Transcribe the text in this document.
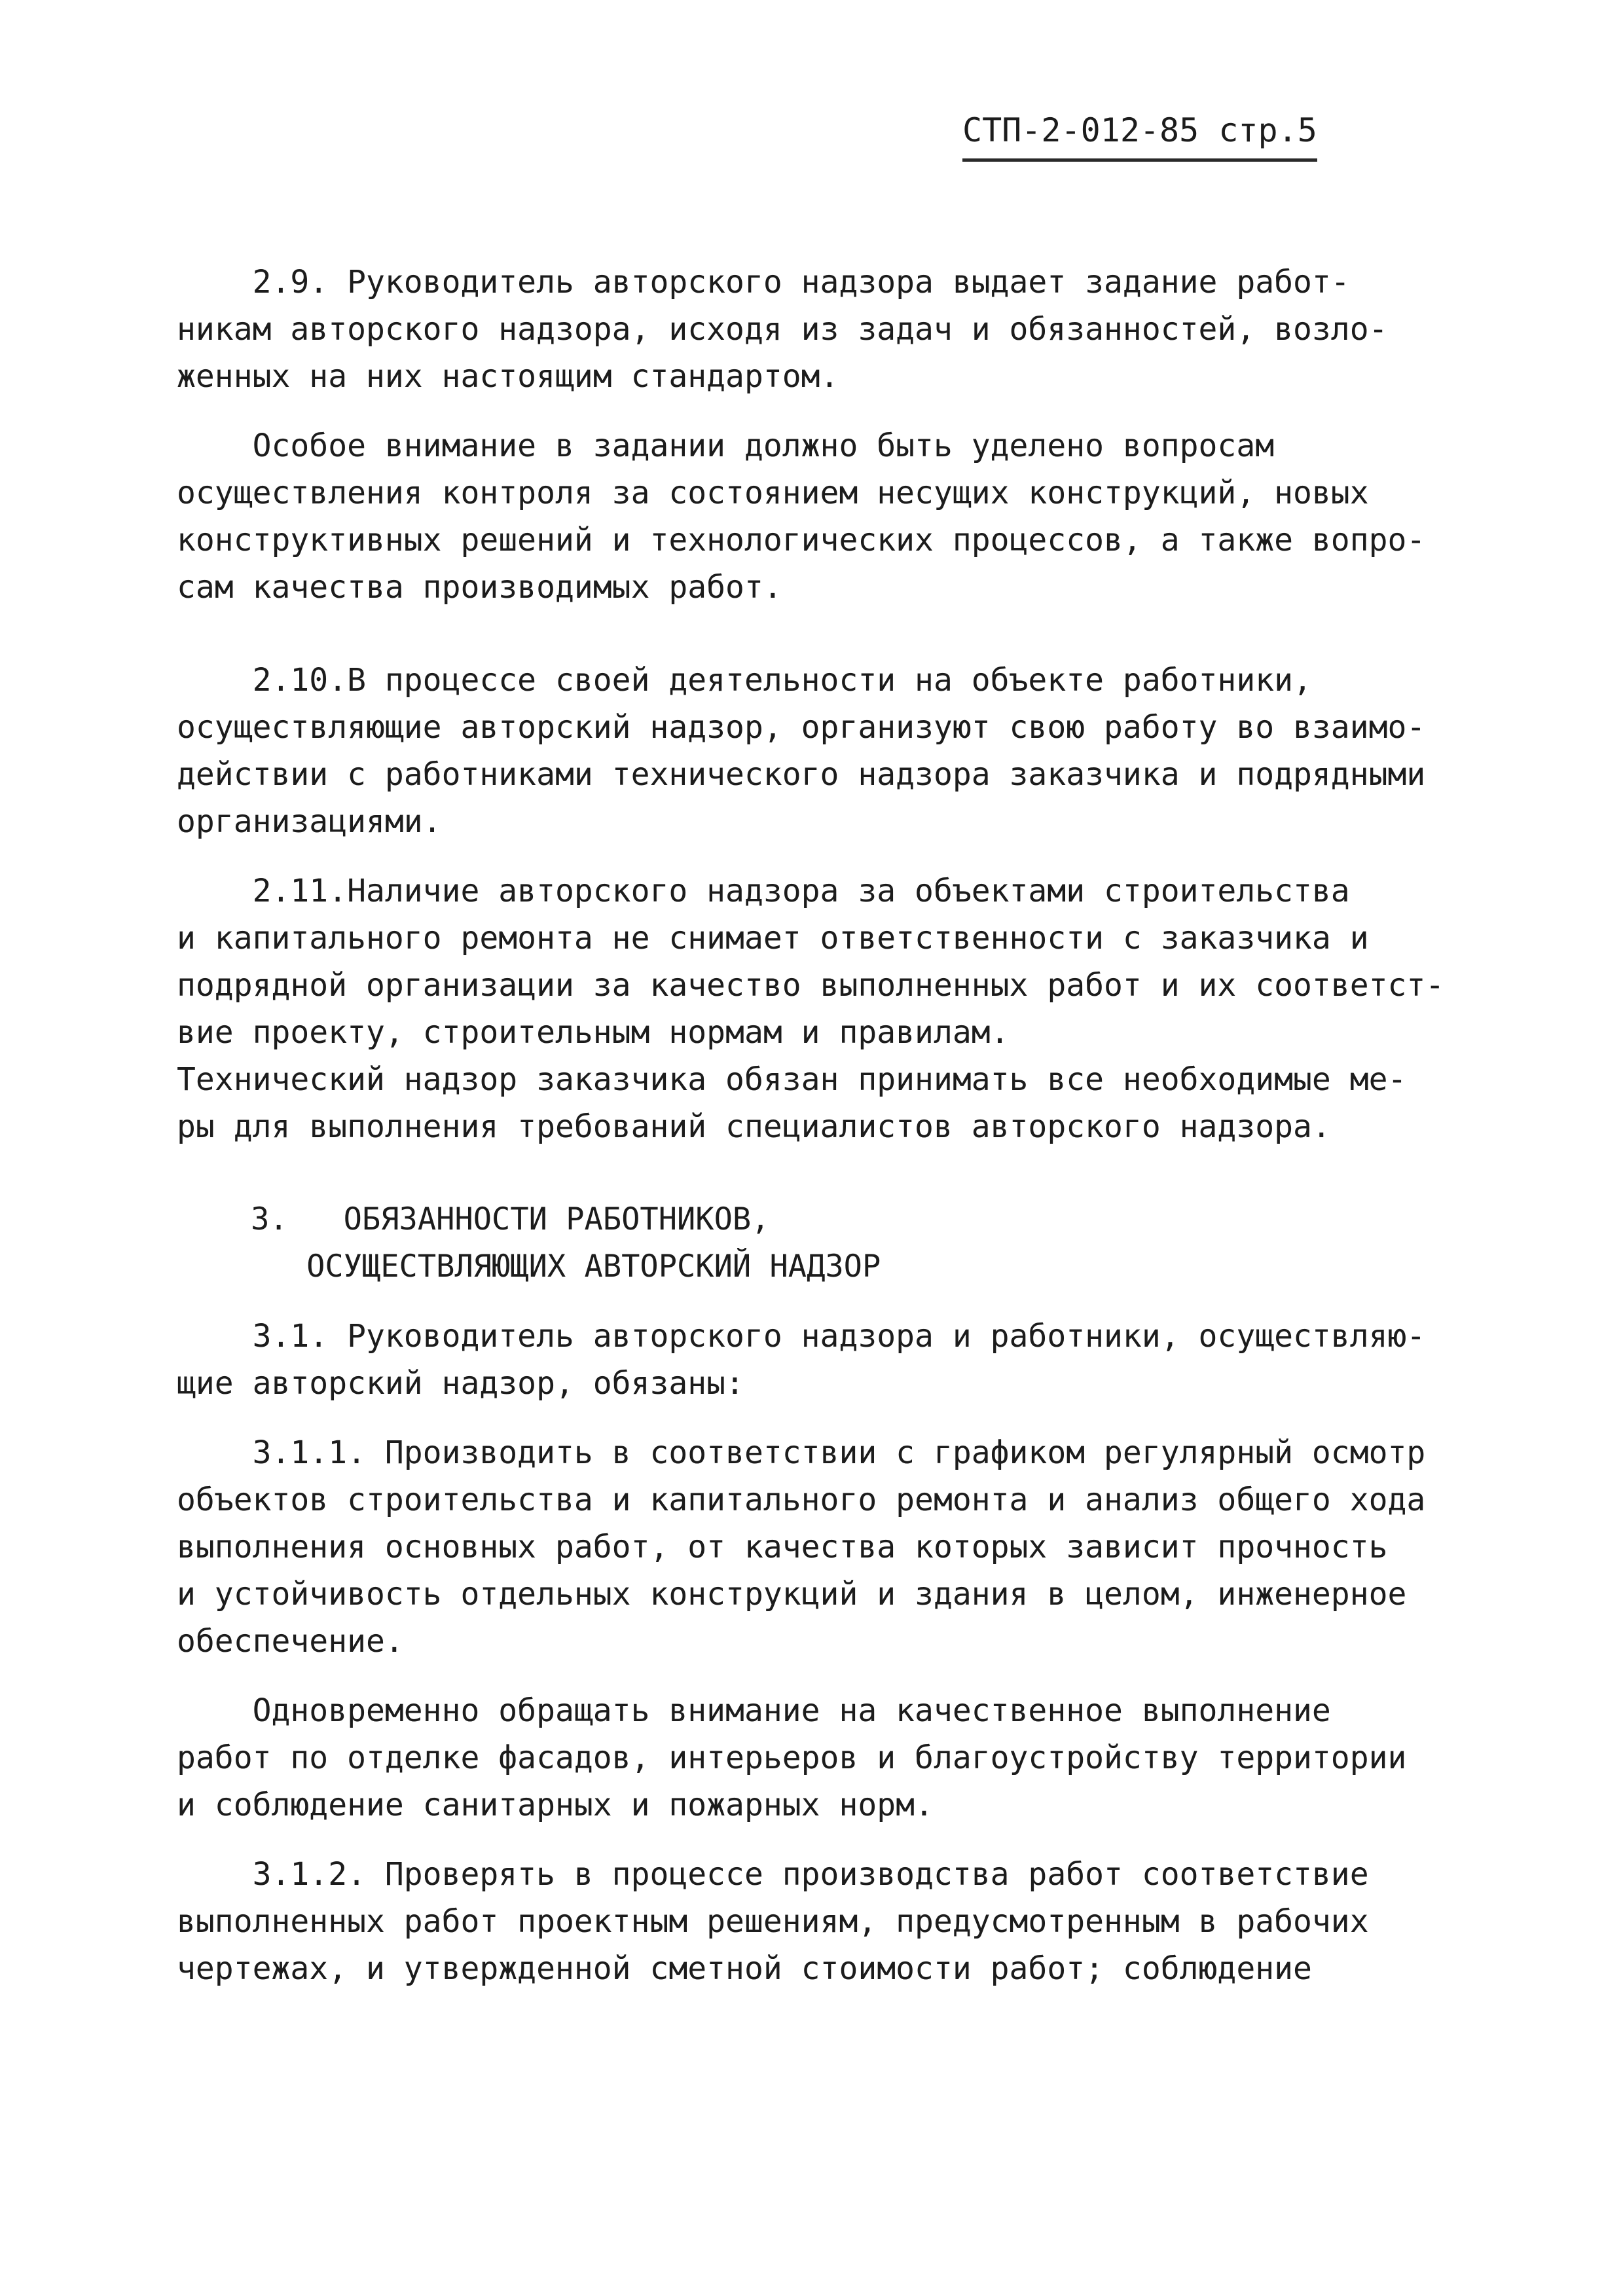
СТП-2-012-85 стр.5
2.9. Руководитель авторского надзора выдает задание работ-
никам авторского надзора, исходя из задач и обязанностей, возло-
женных на них настоящим стандартом.
Особое внимание в задании должно быть уделено вопросам
осуществления контроля за состоянием несущих конструкций, новых
конструктивных решений и технологических процессов, а также вопро-
сам качества производимых работ.
2.10.В процессе своей деятельности на объекте работники,
осуществляющие авторский надзор, организуют свою работу во взаимо-
действии с работниками технического надзора заказчика и подрядными
организациями.
2.11.Наличие авторского надзора за объектами строительства
и капитального ремонта не снимает ответственности с заказчика и
подрядной организации за качество выполненных работ и их соответст-
вие проекту, строительным нормам и правилам.
Технический надзор заказчика обязан принимать все необходимые ме-
ры для выполнения требований специалистов авторского надзора.
3.   ОБЯЗАННОСТИ РАБОТНИКОВ,
ОСУЩЕСТВЛЯЮЩИХ АВТОРСКИЙ НАДЗОР
3.1. Руководитель авторского надзора и работники, осуществляю-
щие авторский надзор, обязаны:
3.1.1. Производить в соответствии с графиком регулярный осмотр
объектов строительства и капитального ремонта и анализ общего хода
выполнения основных работ, от качества которых зависит прочность
и устойчивость отдельных конструкций и здания в целом, инженерное
обеспечение.
Одновременно обращать внимание на качественное выполнение
работ по отделке фасадов, интерьеров и благоустройству территории
и соблюдение санитарных и пожарных норм.
3.1.2. Проверять в процессе производства работ соответствие
выполненных работ проектным решениям, предусмотренным в рабочих
чертежах, и утвержденной сметной стоимости работ; соблюдение
